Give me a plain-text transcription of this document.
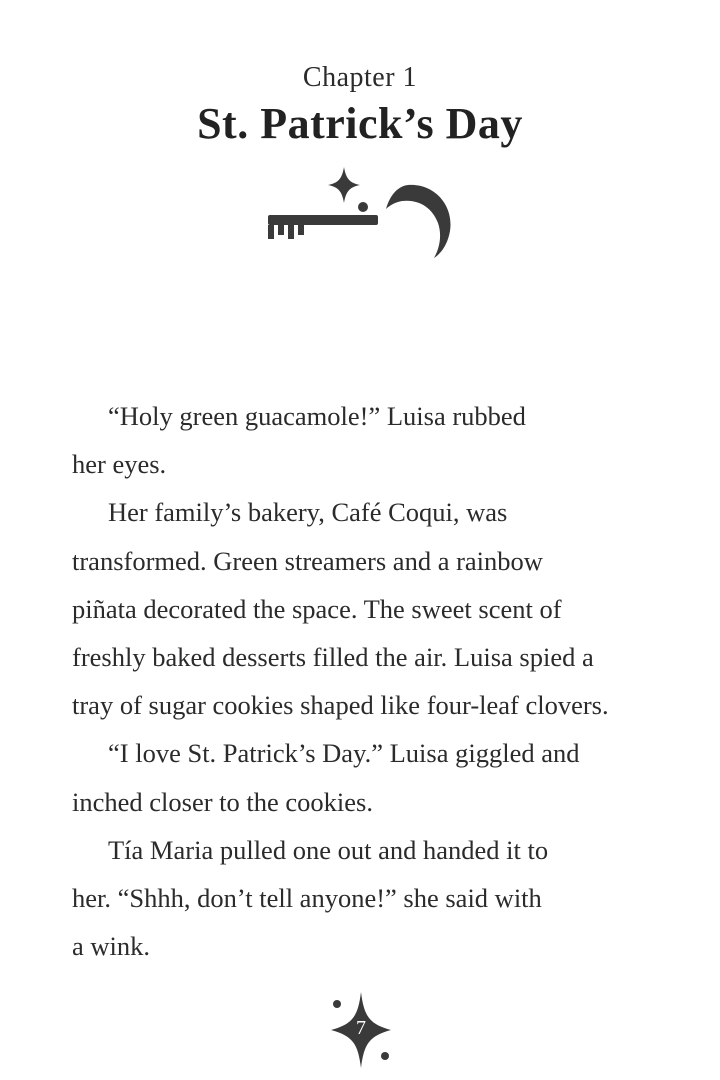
Chapter 1
St. Patrick’s Day

“Holy green guacamole!” Luisa rubbed
her eyes.

Her family’s bakery, Café Coqui, was
transformed. Green streamers and a rainbow
piñata decorated the space. The sweet scent of
freshly baked desserts filled the air. Luisa spied a
tray of sugar cookies shaped like four-leaf clovers.

“I love St. Patrick’s Day.” Luisa giggled and
inched closer to the cookies.

Tía Maria pulled one out and handed it to
her. “Shhh, don’t tell anyone!” she said with
a wink.

7
